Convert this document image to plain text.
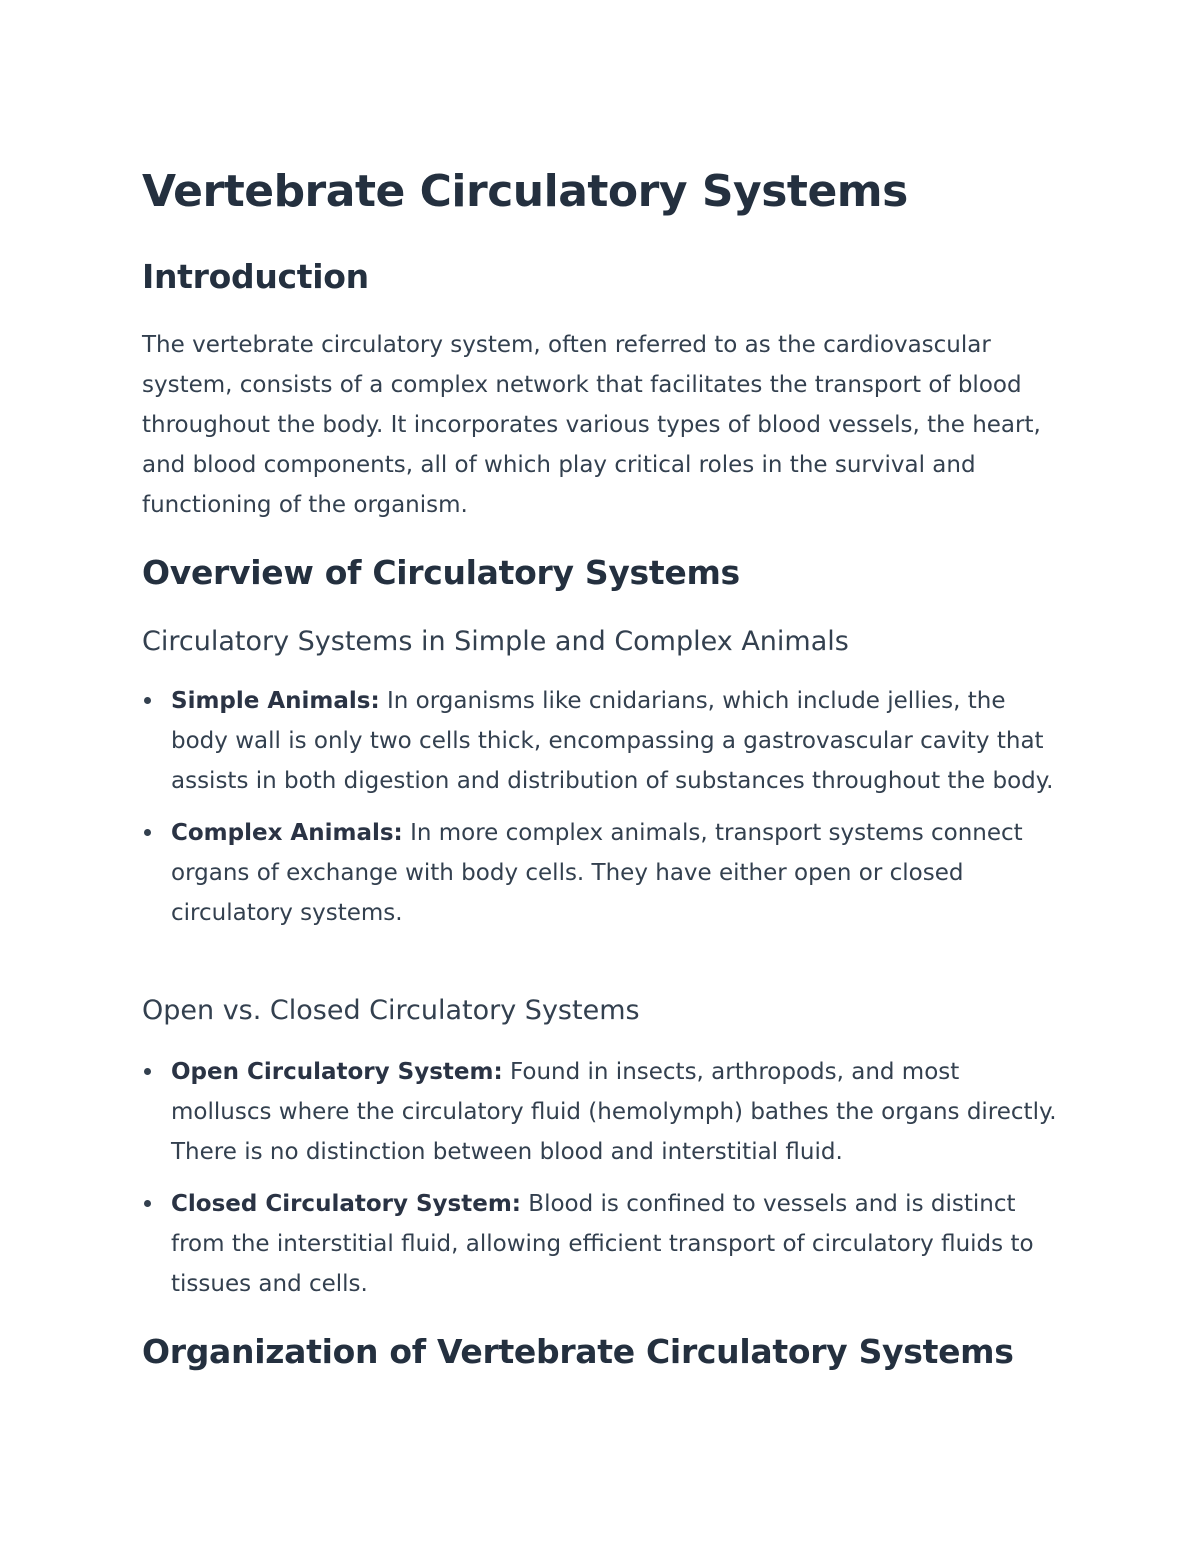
Vertebrate Circulatory Systems
Introduction

The vertebrate circulatory system, often referred to as the cardiovascular system, consists of a complex network that facilitates the transport of blood throughout the body. It incorporates various types of blood vessels, the heart, and blood components, all of which play critical roles in the survival and functioning of the organism.

Overview of Circulatory Systems
Circulatory Systems in Simple and Complex Animals
Simple Animals: In organisms like cnidarians, which include jellies, the body wall is only two cells thick, encompassing a gastrovascular cavity that assists in both digestion and distribution of substances throughout the body.
Complex Animals: In more complex animals, transport systems connect organs of exchange with body cells. They have either open or closed circulatory systems.
Open vs. Closed Circulatory Systems
Open Circulatory System: Found in insects, arthropods, and most molluscs where the circulatory fluid (hemolymph) bathes the organs directly. There is no distinction between blood and interstitial fluid.
Closed Circulatory System: Blood is confined to vessels and is distinct from the interstitial fluid, allowing efficient transport of circulatory fluids to tissues and cells.
Organization of Vertebrate Circulatory Systems
